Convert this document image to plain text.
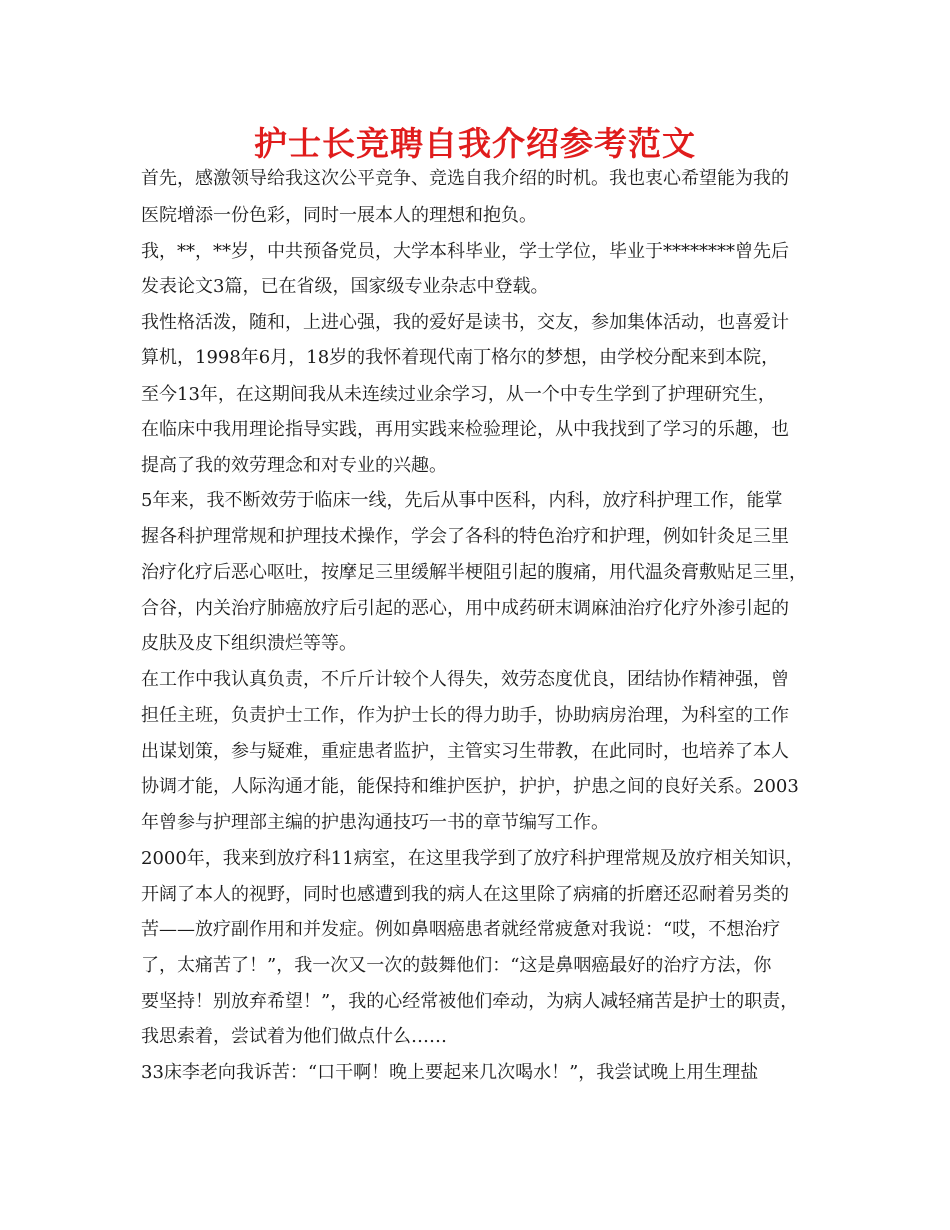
护士长竞聘自我介绍参考范文
首先，感激领导给我这次公平竞争、竞选自我介绍的时机。我也衷心希望能为我的
医院增添一份色彩，同时一展本人的理想和抱负。
我，**，**岁，中共预备党员，大学本科毕业，学士学位，毕业于********曾先后
发表论文3篇，已在省级，国家级专业杂志中登载。
我性格活泼，随和，上进心强，我的爱好是读书，交友，参加集体活动，也喜爱计
算机，1998年6月，18岁的我怀着现代南丁格尔的梦想，由学校分配来到本院，
至今13年，在这期间我从未连续过业余学习，从一个中专生学到了护理研究生，
在临床中我用理论指导实践，再用实践来检验理论，从中我找到了学习的乐趣，也
提高了我的效劳理念和对专业的兴趣。
5年来，我不断效劳于临床一线，先后从事中医科，内科，放疗科护理工作，能掌
握各科护理常规和护理技术操作，学会了各科的特色治疗和护理，例如针灸足三里
治疗化疗后恶心呕吐，按摩足三里缓解半梗阻引起的腹痛，用代温灸膏敷贴足三里，
合谷，内关治疗肺癌放疗后引起的恶心，用中成药研末调麻油治疗化疗外渗引起的
皮肤及皮下组织溃烂等等。
在工作中我认真负责，不斤斤计较个人得失，效劳态度优良，团结协作精神强，曾
担任主班，负责护士工作，作为护士长的得力助手，协助病房治理，为科室的工作
出谋划策，参与疑难，重症患者监护，主管实习生带教，在此同时，也培养了本人
协调才能，人际沟通才能，能保持和维护医护，护护，护患之间的良好关系。2003
年曾参与护理部主编的护患沟通技巧一书的章节编写工作。
2000年，我来到放疗科11病室，在这里我学到了放疗科护理常规及放疗相关知识，
开阔了本人的视野，同时也感遭到我的病人在这里除了病痛的折磨还忍耐着另类的
苦——放疗副作用和并发症。例如鼻咽癌患者就经常疲惫对我说：“哎，不想治疗
了，太痛苦了！”，我一次又一次的鼓舞他们：“这是鼻咽癌最好的治疗方法，你
要坚持！别放弃希望！”，我的心经常被他们牵动，为病人减轻痛苦是护士的职责，
我思索着，尝试着为他们做点什么……
33床李老向我诉苦：“口干啊！晚上要起来几次喝水！”，我尝试晚上用生理盐
